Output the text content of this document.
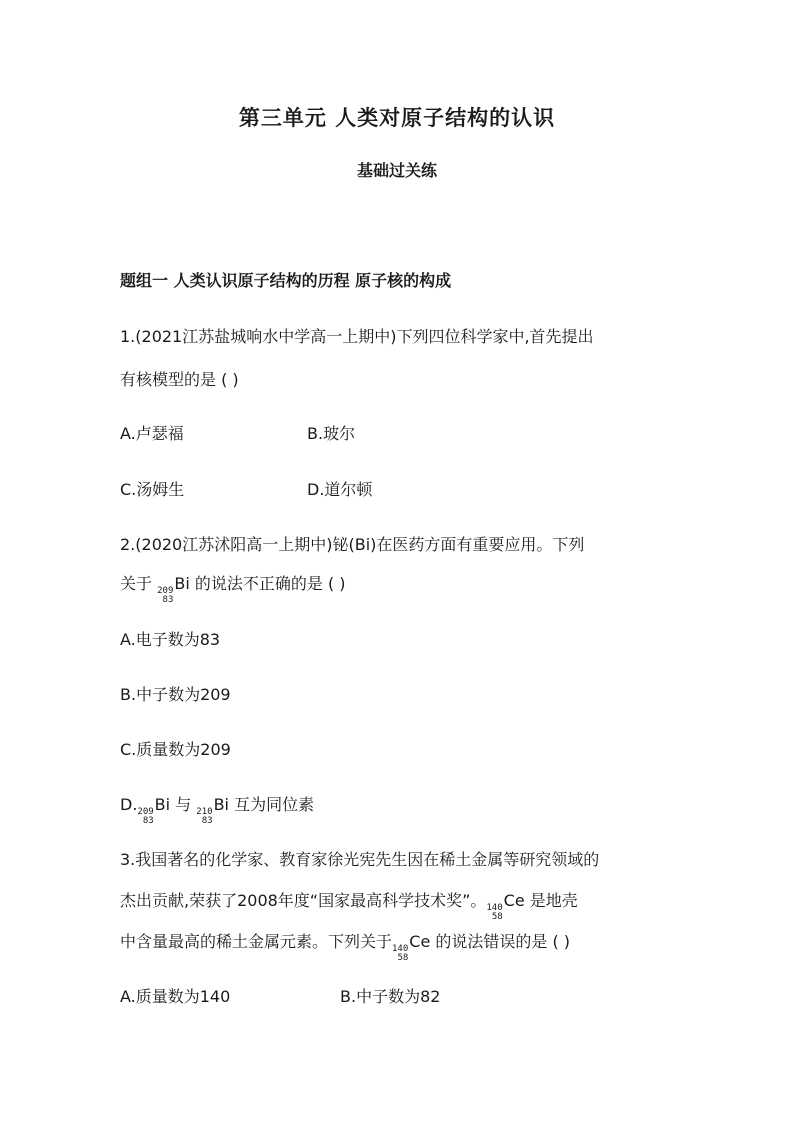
第三单元 人类对原子结构的认识
基础过关练
题组一 人类认识原子结构的历程 原子核的构成
1.(2021江苏盐城响水中学高一上期中)下列四位科学家中,首先提出
有核模型的是 ( )
A.卢瑟福	B.玻尔
C.汤姆生	D.道尔顿
2.(2020江苏沭阳高一上期中)铋(Bi)在医药方面有重要应用。下列
关于 209
83
Bi 的说法不正确的是 ( )
A.电子数为83
B.中子数为209
C.质量数为209
D. 209
83
Bi 与 210
83
Bi 互为同位素
3.我国著名的化学家、教育家徐光宪先生因在稀土金属等研究领域的
杰出贡献,荣获了2008年度“国家最高科学技术奖”。 140
58
Ce 是地壳
中含量最高的稀土金属元素。下列关于 140
58
Ce 的说法错误的是 ( )
A.质量数为140	B.中子数为82
